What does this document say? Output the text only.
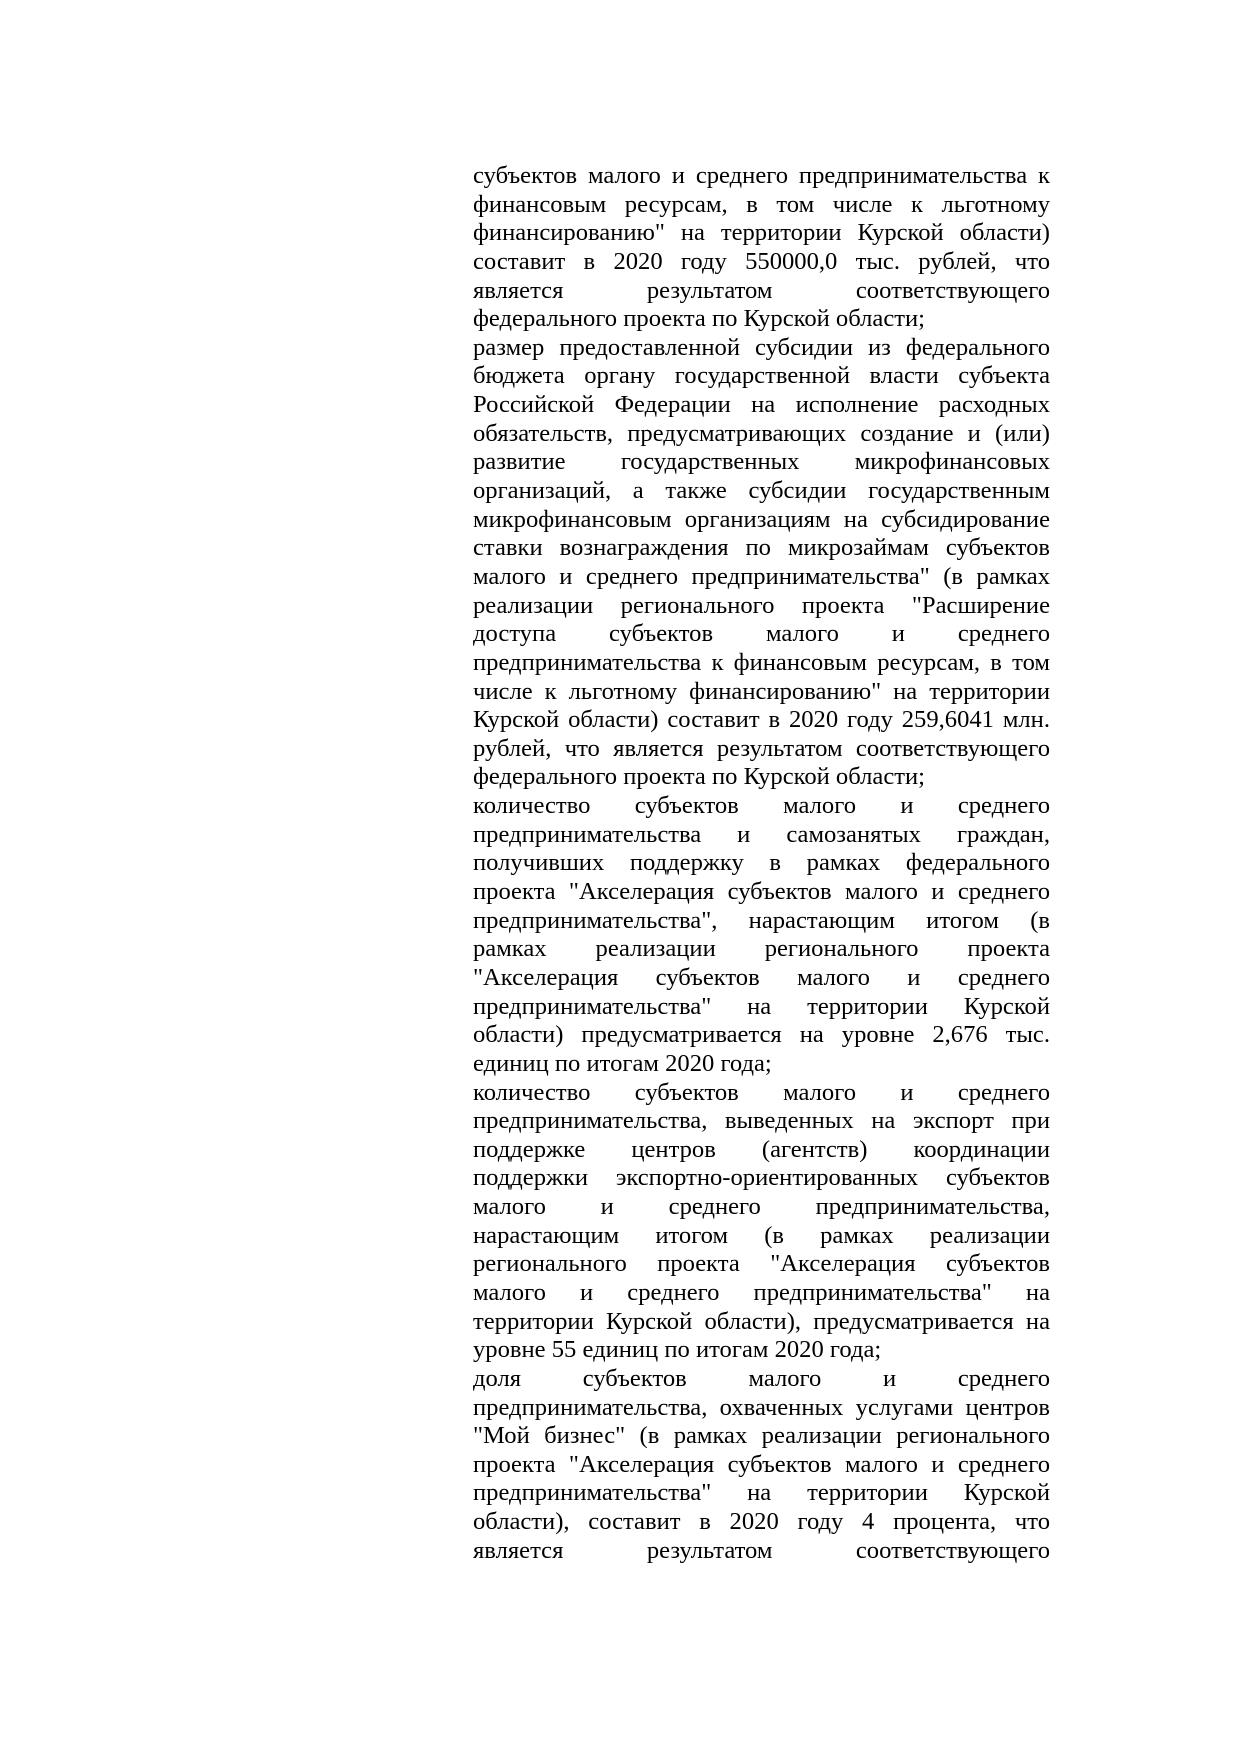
субъектов малого и среднего предпринимательства к
финансовым ресурсам, в том числе к льготному
финансированию" на территории Курской области)
составит в 2020 году 550000,0 тыс. рублей, что
является результатом соответствующего
федерального проекта по Курской области;
размер предоставленной субсидии из федерального
бюджета органу государственной власти субъекта
Российской Федерации на исполнение расходных
обязательств, предусматривающих создание и (или)
развитие государственных микрофинансовых
организаций, а также субсидии государственным
микрофинансовым организациям на субсидирование
ставки вознаграждения по микрозаймам субъектов
малого и среднего предпринимательства" (в рамках
реализации регионального проекта "Расширение
доступа субъектов малого и среднего
предпринимательства к финансовым ресурсам, в том
числе к льготному финансированию" на территории
Курской области) составит в 2020 году 259,6041 млн.
рублей, что является результатом соответствующего
федерального проекта по Курской области;
количество субъектов малого и среднего
предпринимательства и самозанятых граждан,
получивших поддержку в рамках федерального
проекта "Акселерация субъектов малого и среднего
предпринимательства", нарастающим итогом (в
рамках реализации регионального проекта
"Акселерация субъектов малого и среднего
предпринимательства" на территории Курской
области) предусматривается на уровне 2,676 тыс.
единиц по итогам 2020 года;
количество субъектов малого и среднего
предпринимательства, выведенных на экспорт при
поддержке центров (агентств) координации
поддержки экспортно-ориентированных субъектов
малого и среднего предпринимательства,
нарастающим итогом (в рамках реализации
регионального проекта "Акселерация субъектов
малого и среднего предпринимательства" на
территории Курской области), предусматривается на
уровне 55 единиц по итогам 2020 года;
доля субъектов малого и среднего
предпринимательства, охваченных услугами центров
"Мой бизнес" (в рамках реализации регионального
проекта "Акселерация субъектов малого и среднего
предпринимательства" на территории Курской
области), составит в 2020 году 4 процента, что
является результатом соответствующего
